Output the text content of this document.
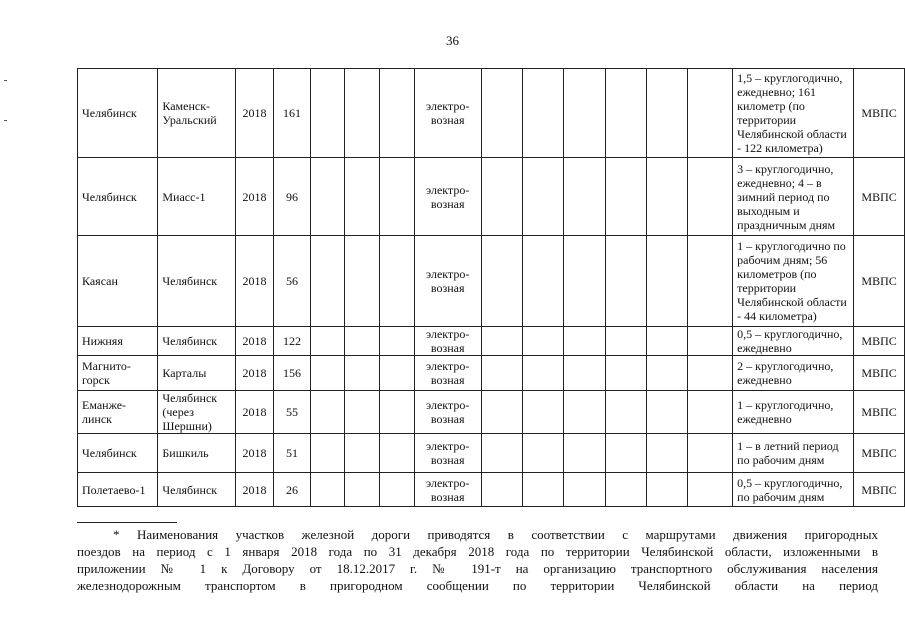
36
Челябинск	Каменск-Уральский	2018	161				электро-возная							1,5 – круглогодично, ежедневно; 161 километр (по территории Челябинской области - 122 километра)	МВПС
Челябинск	Миасс-1	2018	96				электро-возная							3 – круглогодично, ежедневно; 4 – в зимний период по выходным и праздничным дням	МВПС
Каясан	Челябинск	2018	56				электро-возная							1 – круглогодично по рабочим дням; 56 километров (по территории Челябинской области - 44 километра)	МВПС
Нижняя	Челябинск	2018	122				электро-возная							0,5 – круглогодично, ежедневно	МВПС
Магнито-горск	Карталы	2018	156				электро-возная							2 – круглогодично, ежедневно	МВПС
Еманже-линск	Челябинск (через Шершни)	2018	55				электро-возная							1 – круглогодично, ежедневно	МВПС
Челябинск	Бишкиль	2018	51				электро-возная							1 – в летний период по рабочим дням	МВПС
Полетаево-1	Челябинск	2018	26				электро-возная							0,5 – круглогодично, по рабочим дням	МВПС
* Наименования участков железной дороги приводятся в соответствии с маршрутами движения пригородных
поездов на период с 1 января 2018 года по 31 декабря 2018 года по территории Челябинской области, изложенными в
приложении № 1 к Договору от 18.12.2017 г. № 191-т на организацию транспортного обслуживания населения
железнодорожным транспортом в пригородном сообщении по территории Челябинской области на период
